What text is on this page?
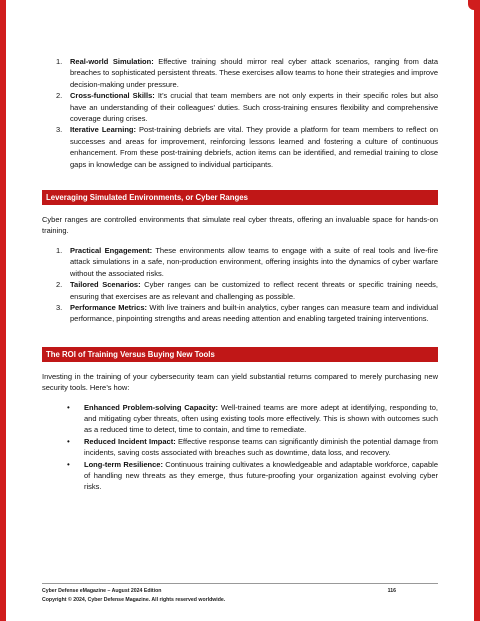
1. Real-world Simulation: Effective training should mirror real cyber attack scenarios, ranging from data breaches to sophisticated persistent threats. These exercises allow teams to hone their strategies and improve decision-making under pressure.
2. Cross-functional Skills: It’s crucial that team members are not only experts in their specific roles but also have an understanding of their colleagues' duties. Such cross-training ensures flexibility and comprehensive coverage during crises.
3. Iterative Learning: Post-training debriefs are vital. They provide a platform for team members to reflect on successes and areas for improvement, reinforcing lessons learned and fostering a culture of continuous enhancement. From these post-training debriefs, action items can be identified, and remedial training to close gaps in knowledge can be assigned to individual participants.
Leveraging Simulated Environments, or Cyber Ranges

Cyber ranges are controlled environments that simulate real cyber threats, offering an invaluable space for hands-on training.

1. Practical Engagement: These environments allow teams to engage with a suite of real tools and live-fire attack simulations in a safe, non-production environment, offering insights into the dynamics of cyber warfare without the associated risks.
2. Tailored Scenarios: Cyber ranges can be customized to reflect recent threats or specific training needs, ensuring that exercises are as relevant and challenging as possible.
3. Performance Metrics: With live trainers and built-in analytics, cyber ranges can measure team and individual performance, pinpointing strengths and areas needing attention and enabling targeted training interventions.
The ROI of Training Versus Buying New Tools

Investing in the training of your cybersecurity team can yield substantial returns compared to merely purchasing new security tools. Here’s how:

• Enhanced Problem-solving Capacity: Well-trained teams are more adept at identifying, responding to, and mitigating cyber threats, often using existing tools more effectively. This is shown with outcomes such as a reduced time to detect, time to contain, and time to remediate.
• Reduced Incident Impact: Effective response teams can significantly diminish the potential damage from incidents, saving costs associated with breaches such as downtime, data loss, and recovery.
• Long-term Resilience: Continuous training cultivates a knowledgeable and adaptable workforce, capable of handling new threats as they emerge, thus future-proofing your organization against evolving cyber risks.
Cyber Defense eMagazine – August 2024 Edition	116
Copyright © 2024, Cyber Defense Magazine. All rights reserved worldwide.
